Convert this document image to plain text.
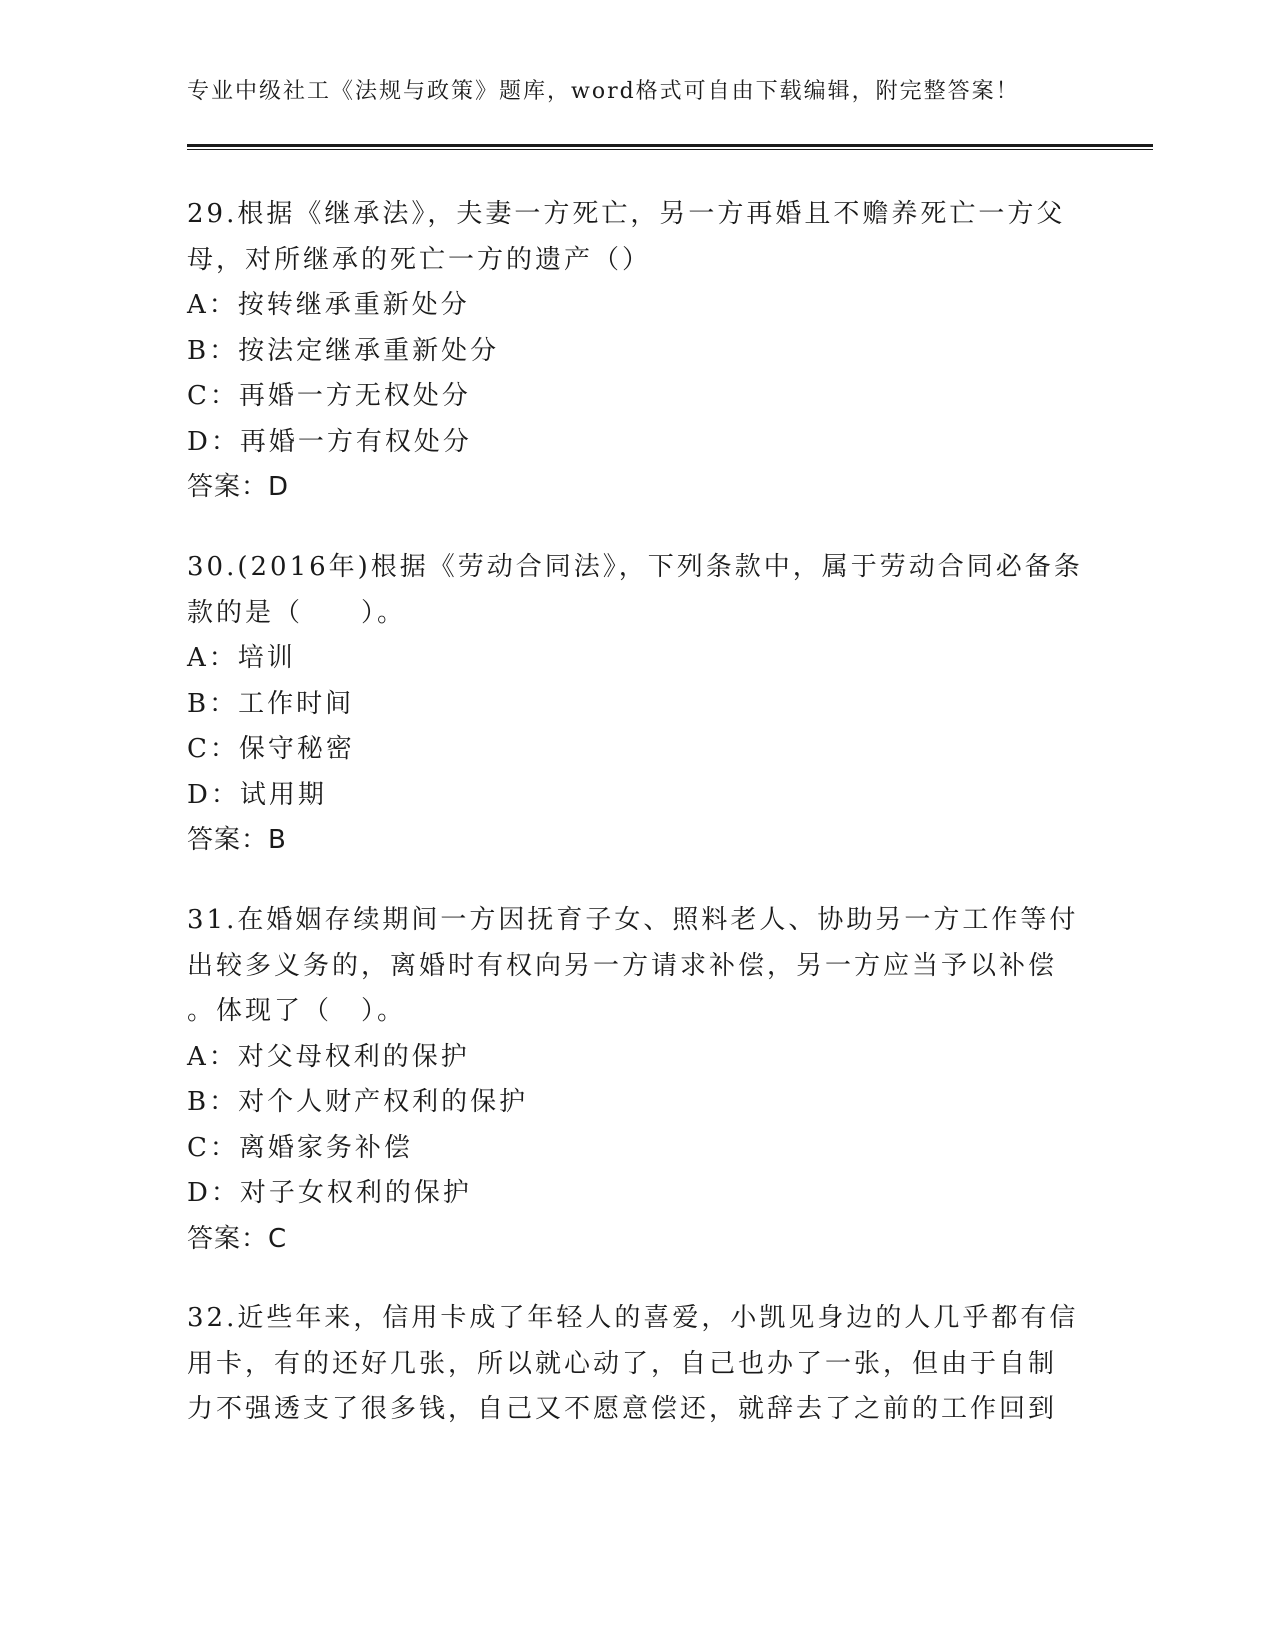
专业中级社工《法规与政策》题库，word格式可自由下载编辑，附完整答案！
29.根据《继承法》，夫妻一方死亡，另一方再婚且不赡养死亡一方父
母，对所继承的死亡一方的遗产（）
A：按转继承重新处分
B：按法定继承重新处分
C：再婚一方无权处分
D：再婚一方有权处分
答案：D
30.(2016年)根据《劳动合同法》，下列条款中，属于劳动合同必备条
款的是（　　）。
A：培训
B：工作时间
C：保守秘密
D：试用期
答案：B
31.在婚姻存续期间一方因抚育子女、照料老人、协助另一方工作等付
出较多义务的，离婚时有权向另一方请求补偿，另一方应当予以补偿
。体现了（　）。
A：对父母权利的保护
B：对个人财产权利的保护
C：离婚家务补偿
D：对子女权利的保护
答案：C
32.近些年来，信用卡成了年轻人的喜爱，小凯见身边的人几乎都有信
用卡，有的还好几张，所以就心动了，自己也办了一张，但由于自制
力不强透支了很多钱，自己又不愿意偿还，就辞去了之前的工作回到
